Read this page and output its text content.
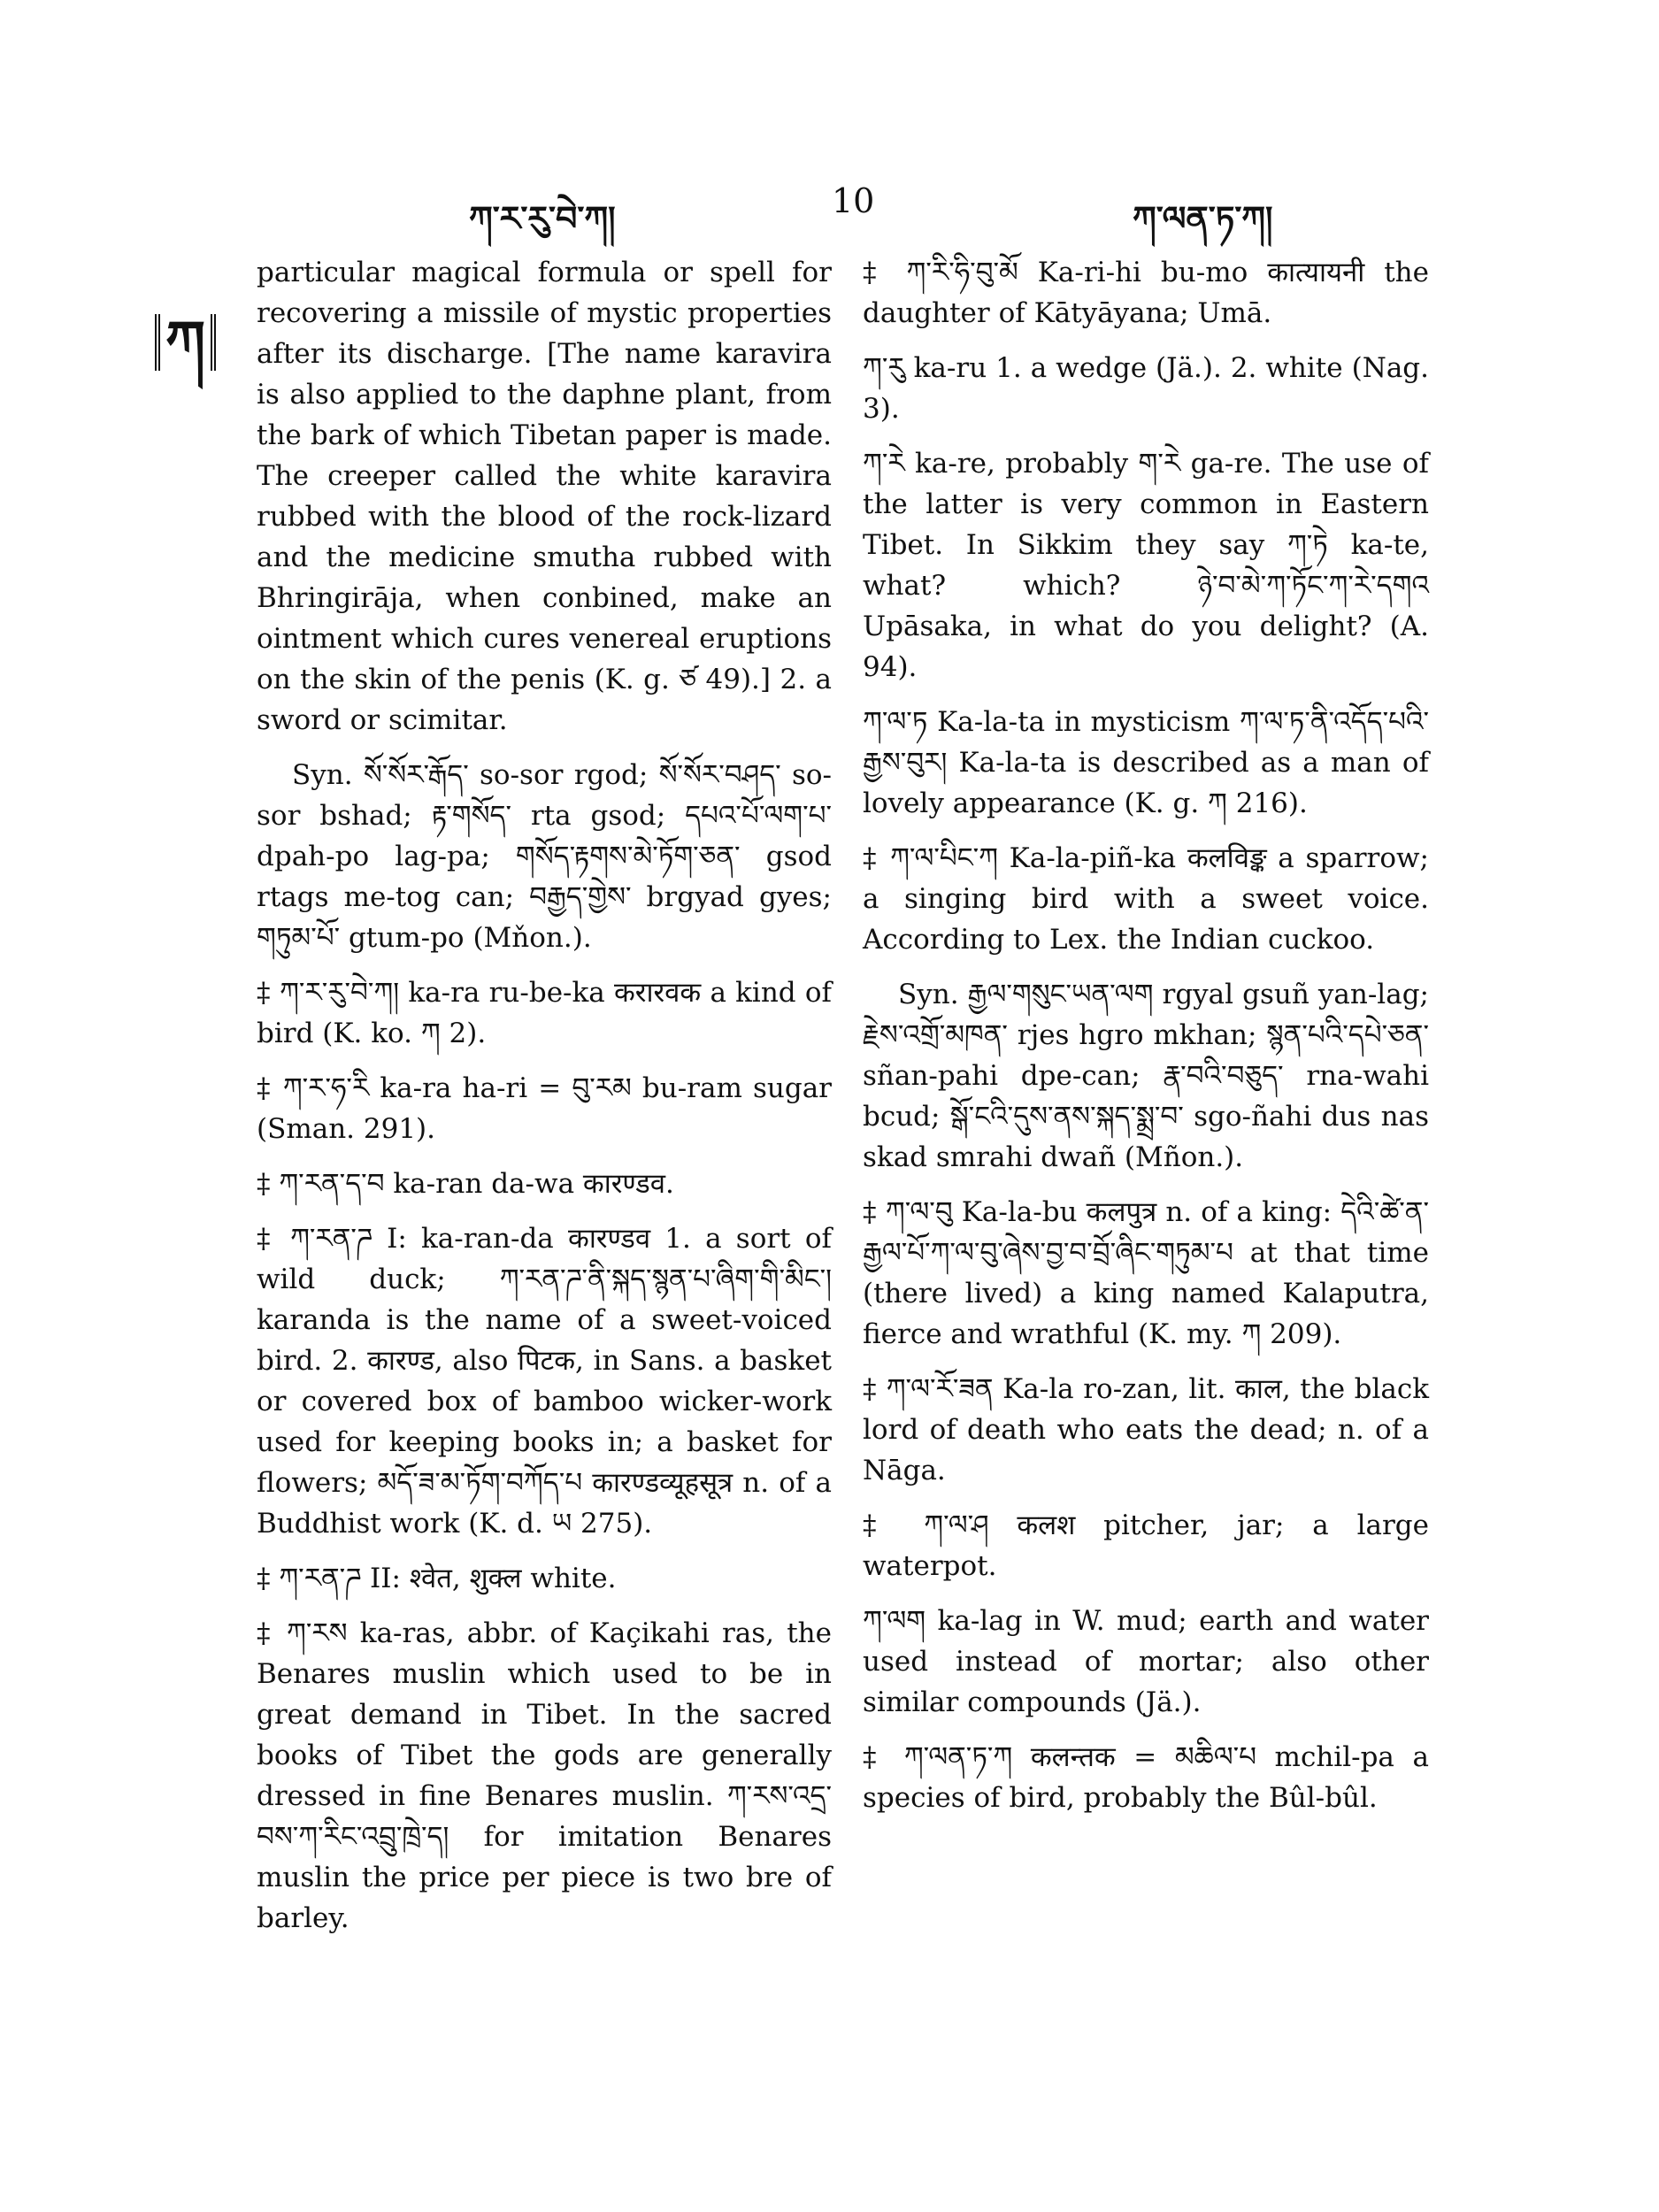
ཀ་ར་རུ་བེ་ཀ།	10	ཀ་ལན་ཏ་ཀ།
ཀ

particular magical formula or spell for recovering a missile of mystic properties after its discharge. [The name karavira is also applied to the daphne plant, from the bark of which Tibetan paper is made. The creeper called the white karavira rubbed with the blood of the rock-lizard and the medicine smutha rubbed with Bhringirāja, when conbined, make an ointment which cures venereal eruptions on the skin of the penis (K. g. ཙ 49).] 2. a sword or scimitar.

Syn. སོ་སོར་རྒོད་ so-sor rgod; སོ་སོར་བཤད་ so-sor bshad; རྟ་གསོད་ rta gsod; དཔའ་པོ་ལག་པ་ dpah-po lag-pa; གསོད་རྟགས་མེ་ཏོག་ཅན་ gsod rtags me-tog can; བརྒྱད་གྱེས་ brgyad gyes; གཏུམ་པོ་ gtum-po (Mňon.).

‡ ཀ་ར་རུ་བེ་ཀ། ka-ra ru-be-ka करारवक a kind of bird (K. ko. ཀ 2).

‡ ཀ་ར་ཧ་རི ka-ra ha-ri = བུ་རམ bu-ram sugar (Sman. 291).

‡ ཀ་རན་ད་བ ka-ran da-wa कारण्डव.

‡ ཀ་རན་ཌ I: ka-ran-da कारण्डव 1. a sort of wild duck; ཀ་རན་ཌ་ནི་སྐད་སྙན་པ་ཞིག་གི་མིང་། karanda is the name of a sweet-voiced bird. 2. कारण्ड, also पिटक, in Sans. a basket or covered box of bamboo wicker-work used for keeping books in; a basket for flowers; མདོ་ཟ་མ་ཏོག་བཀོད་པ कारण्डव्यूहसूत्र n. of a Buddhist work (K. d. ཡ 275).

‡ ཀ་རན་ཌ II: श्वेत, शुक्ल white.

‡ ཀ་རས ka-ras, abbr. of Kaçikahi ras, the Benares muslin which used to be in great demand in Tibet. In the sacred books of Tibet the gods are generally dressed in fine Benares muslin. ཀ་རས་འདྲ་བས་ཀ་རིང་འབྲུ་ཁྲེ་ད། for imitation Benares muslin the price per piece is two bre of barley.

‡ ཀ་རི་ཧི་བུ་མོ Ka-ri-hi bu-mo कात्यायनी the daughter of Kātyāyana; Umā.

ཀ་རུ ka-ru 1. a wedge (Jä.). 2. white (Nag. 3).

ཀ་རེ ka-re, probably ག་རེ ga-re. The use of the latter is very common in Eastern Tibet. In Sikkim they say ཀ་ཏེ ka-te, what? which? ཉེ་བ་མེ་ཀ་ཏོང་ཀ་རེ་དགའ Upāsaka, in what do you delight? (A. 94).

ཀ་ལ་ཏ Ka-la-ta in mysticism ཀ་ལ་ཏ་ནི་འདོད་པའི་རྒྱས་བུར། Ka-la-ta is described as a man of lovely appearance (K. g. ཀ 216).

‡ ཀ་ལ་པིང་ཀ Ka-la-piñ-ka कलविङ्क a sparrow; a singing bird with a sweet voice. According to Lex. the Indian cuckoo.

Syn. རྒྱལ་གསུང་ཡན་ལག rgyal gsuñ yan-lag; རྗེས་འགྲོ་མཁན་ rjes hgro mkhan; སྙན་པའི་དཔེ་ཅན་ sñan-pahi dpe-can; རྣ་བའི་བཅུད་ rna-wahi bcud; སྒོ་ངའི་དུས་ནས་སྐད་སྨྲ་བ་ sgo-ñahi dus nas skad smrahi dwañ (Mñon.).

‡ ཀ་ལ་བུ Ka-la-bu कलपुत्र n. of a king: དེའི་ཚེ་ན་རྒྱལ་པོ་ཀ་ལ་བུ་ཞེས་བྱ་བ་བྲོ་ཞིང་གཏུམ་པ at that time (there lived) a king named Kalaputra, fierce and wrathful (K. my. ཀ 209).

‡ ཀ་ལ་རོ་ཟན Ka-la ro-zan, lit. काल, the black lord of death who eats the dead; n. of a Nāga.

‡ ཀ་ལ་ཤ कलश pitcher, jar; a large waterpot.

ཀ་ལག ka-lag in W. mud; earth and water used instead of mortar; also other similar compounds (Jä.).

‡ ཀ་ལན་ཏ་ཀ कलन्तक = མཆིལ་པ mchil-pa a species of bird, probably the Bûl-bûl.
